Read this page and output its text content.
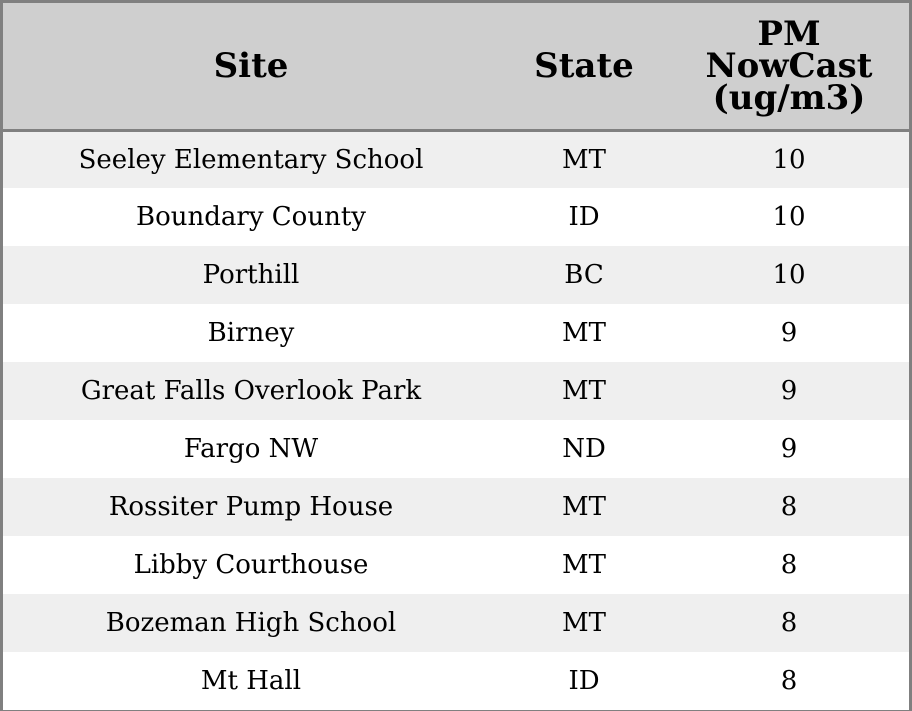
Site	State	PM
NowCast
(ug/m3)

Seeley Elementary School	MT	10
Boundary County	ID	10
Porthill	BC	10
Birney	MT	9
Great Falls Overlook Park	MT	9
Fargo NW	ND	9
Rossiter Pump House	MT	8
Libby Courthouse	MT	8
Bozeman High School	MT	8
Mt Hall	ID	8
